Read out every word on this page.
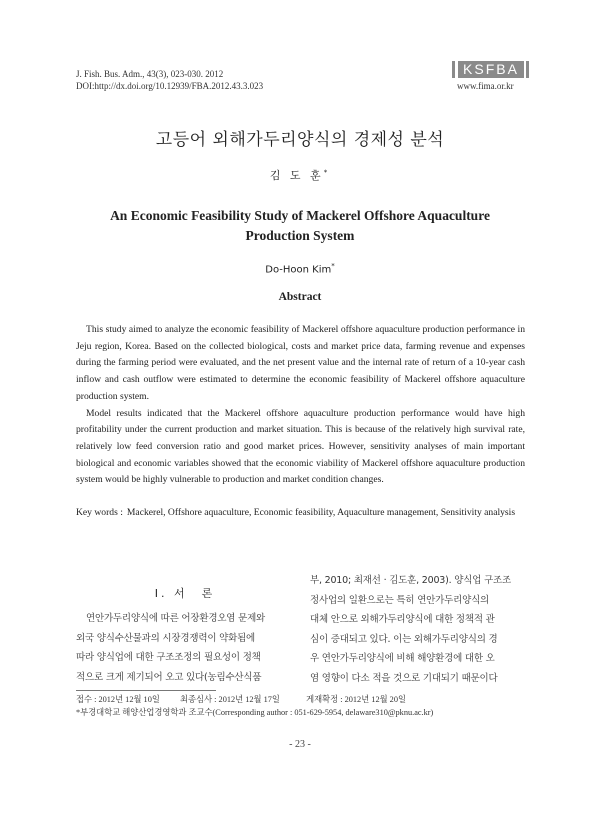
J. Fish. Bus. Adm., 43(3), 023-030. 2012
DOI:http://dx.doi.org/10.12939/FBA.2012.43.3.023
KSFBA
www.fima.or.kr
고등어 외해가두리양식의 경제성 분석
김 도 훈*
An Economic Feasibility Study of Mackerel Offshore Aquaculture
Production System
Do-Hoon Kim*
Abstract

This study aimed to analyze the economic feasibility of Mackerel offshore aquaculture production performance in Jeju region, Korea. Based on the collected biological, costs and market price data, farming revenue and expenses during the farming period were evaluated, and the net present value and the internal rate of return of a 10-year cash inflow and cash outflow were estimated to determine the economic feasibility of Mackerel offshore aquaculture production system.

Model results indicated that the Mackerel offshore aquaculture production performance would have high profitability under the current production and market situation. This is because of the relatively high survival rate, relatively low feed conversion ratio and good market prices. However, sensitivity analyses of main important biological and economic variables showed that the economic viability of Mackerel offshore aquaculture production system would be highly vulnerable to production and market condition changes.

Key words : Mackerel, Offshore aquaculture, Economic feasibility, Aquaculture management, Sensitivity analysis
Ⅰ. 서　론
연안가두리양식에 따른 어장환경오염 문제와
외국 양식수산물과의 시장경쟁력이 약화됨에
따라 양식업에 대한 구조조정의 필요성이 정책
적으로 크게 제기되어 오고 있다(농림수산식품
부, 2010; 최재선 · 김도훈, 2003). 양식업 구조조
정사업의 일환으로는 특히 연안가두리양식의
대체 안으로 외해가두리양식에 대한 정책적 관
심이 증대되고 있다. 이는 외해가두리양식의 경
우 연안가두리양식에 비해 해양환경에 대한 오
염 영향이 다소 적을 것으로 기대되기 때문이다
접수 : 2012년 12월 10일 최종심사 : 2012년 12월 17일	게재확정 : 2012년 12월 20일
*부경대학교 해양산업경영학과 조교수(Corresponding author : 051-629-5954, delaware310@pknu.ac.kr)
- 23 -
